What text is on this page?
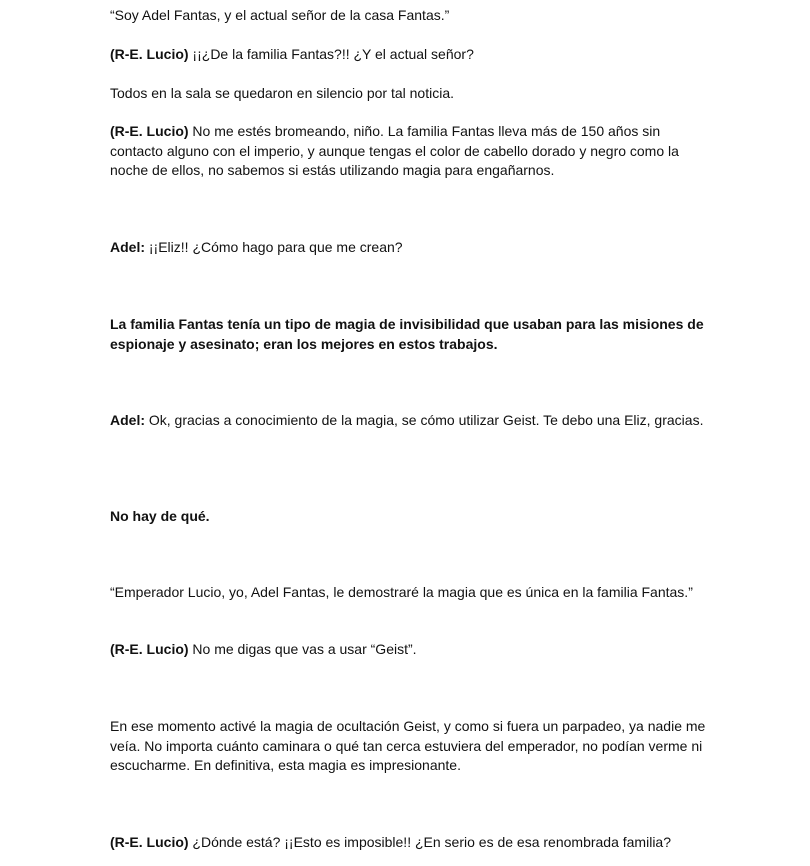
“Soy Adel Fantas, y el actual señor de la casa Fantas.”

(R-E. Lucio) ¡¡¿De la familia Fantas?!! ¿Y el actual señor?

Todos en la sala se quedaron en silencio por tal noticia.

(R-E. Lucio) No me estés bromeando, niño. La familia Fantas lleva más de 150 años sin contacto alguno con el imperio, y aunque tengas el color de cabello dorado y negro como la noche de ellos, no sabemos si estás utilizando magia para engañarnos.

Adel: ¡¡Eliz!! ¿Cómo hago para que me crean?

La familia Fantas tenía un tipo de magia de invisibilidad que usaban para las misiones de espionaje y asesinato; eran los mejores en estos trabajos.

Adel: Ok, gracias a conocimiento de la magia, se cómo utilizar Geist. Te debo una Eliz, gracias.

No hay de qué.

“Emperador Lucio, yo, Adel Fantas, le demostraré la magia que es única en la familia Fantas.”

(R-E. Lucio) No me digas que vas a usar “Geist”.

En ese momento activé la magia de ocultación Geist, y como si fuera un parpadeo, ya nadie me veía. No importa cuánto caminara o qué tan cerca estuviera del emperador, no podían verme ni escucharme. En definitiva, esta magia es impresionante.

(R-E. Lucio) ¿Dónde está? ¡¡Esto es imposible!! ¿En serio es de esa renombrada familia?
